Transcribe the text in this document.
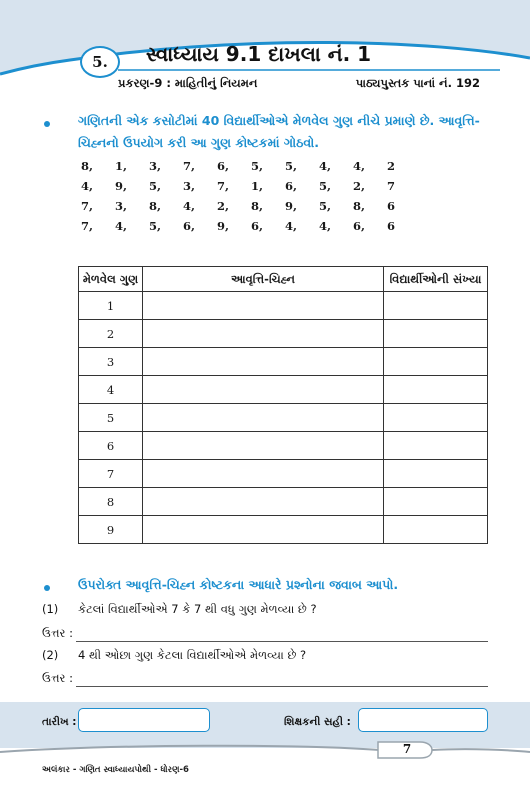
5.	સ્વાધ્યાય 9.1 દાખલા નં. 1
પ્રકરણ-9 : માહિતીનું નિયમન	પાઠ્યપુસ્તક પાનાં નં. 192
ગણિતની એક કસોટીમાં 40 વિદ્યાર્થીઓએ મેળવેલ ગુણ નીચે પ્રમાણે છે. આવૃત્તિ-
ચિહ્નનો ઉપયોગ કરી આ ગુણ કોષ્ટકમાં ગોઠવો.
8,	1,	3,	7,	6,	5,	5,	4,	4,	2
4,	9,	5,	3,	7,	1,	6,	5,	2,	7
7,	3,	8,	4,	2,	8,	9,	5,	8,	6
7,	4,	5,	6,	9,	6,	4,	4,	6,	6
મેળવેલ ગુણ	આવૃત્તિ-ચિહ્ન	વિદ્યાર્થીઓની સંખ્યા
1		
2		
3		
4		
5		
6		
7		
8		
9		
ઉપરોક્ત આવૃત્તિ-ચિહ્ન કોષ્ટકના આધારે પ્રશ્નોના જવાબ આપો.
(1) કેટલાં વિદ્યાર્થીઓએ 7 કે 7 થી વધુ ગુણ મેળવ્યા છે ?
ઉત્તર :
(2) 4 થી ઓછા ગુણ કેટલા વિદ્યાર્થીઓએ મેળવ્યા છે ?
ઉત્તર :
તારીખ :	શિક્ષકની સહી :
7
અલંકાર - ગણિત સ્વાધ્યાયપોથી - ધોરણ-6
